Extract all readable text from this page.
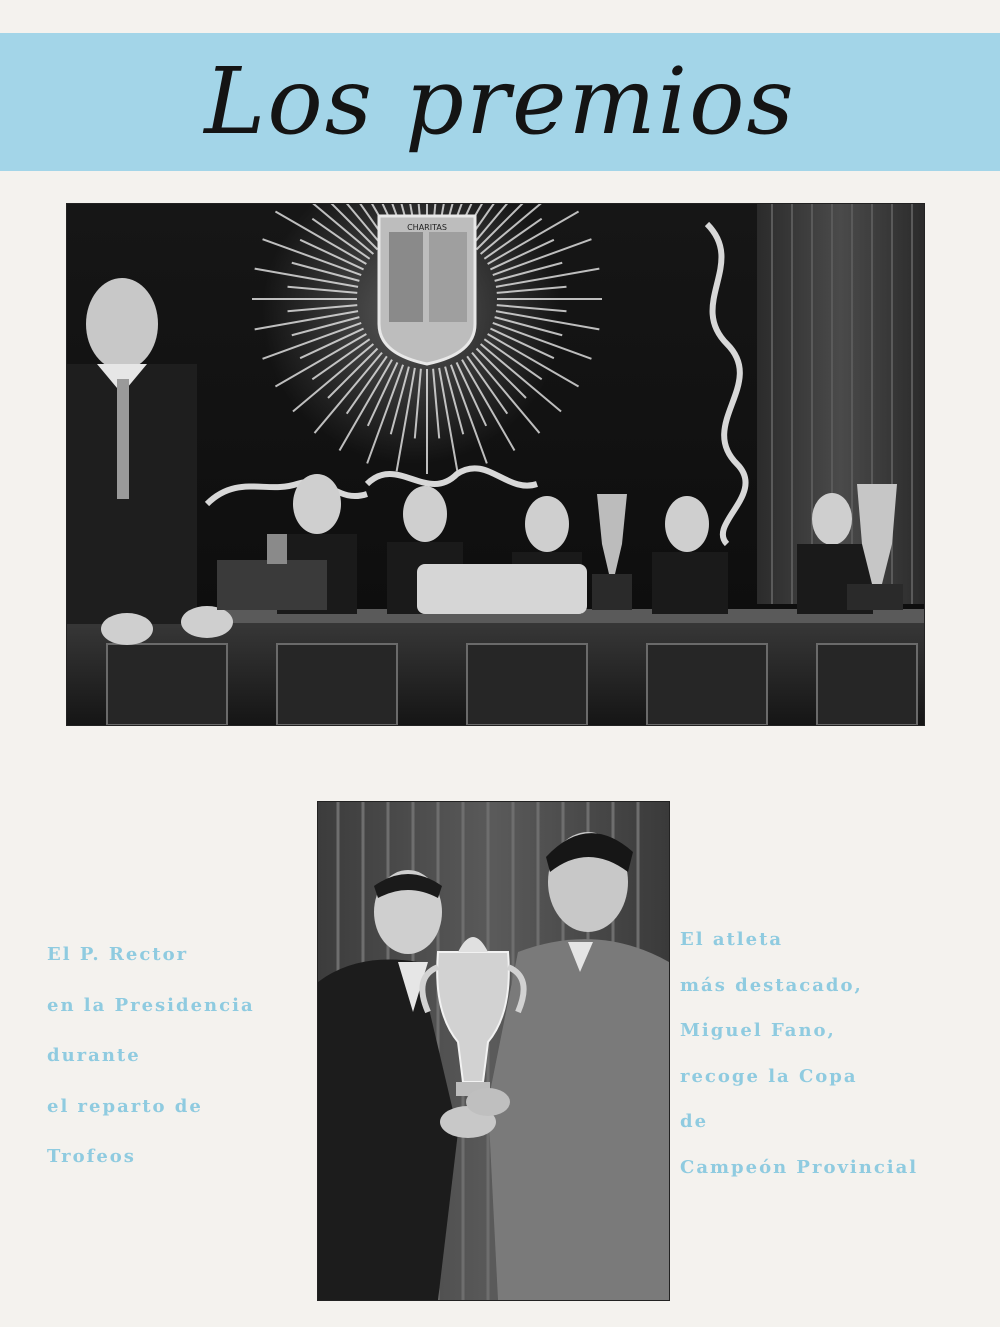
Los premios
CHARITAS

El P. Rector
en la Presidencia
durante
el reparto de
Trofeos

El atleta
más destacado,
Miguel Fano,
recoge la Copa
de
Campeón Provincial
